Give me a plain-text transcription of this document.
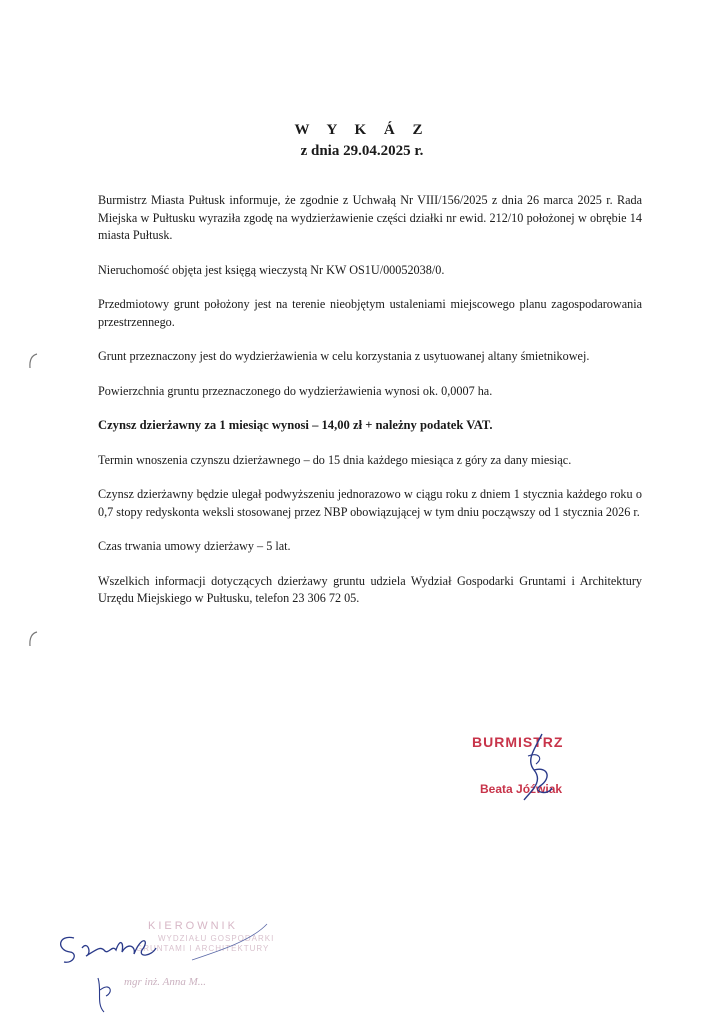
W Y K Á Z
z dnia 29.04.2025 r.

Burmistrz Miasta Pułtusk informuje, że zgodnie z Uchwałą Nr VIII/156/2025 z dnia 26 marca 2025 r. Rada Miejska w Pułtusku wyraziła zgodę na wydzierżawienie części działki nr ewid. 212/10 położonej w obrębie 14 miasta Pułtusk.

Nieruchomość objęta jest księgą wieczystą Nr KW OS1U/00052038/0.

Przedmiotowy grunt położony jest na terenie nieobjętym ustaleniami miejscowego planu zagospodarowania przestrzennego.

Grunt przeznaczony jest do wydzierżawienia w celu korzystania z usytuowanej altany śmietnikowej.

Powierzchnia gruntu przeznaczonego do wydzierżawienia wynosi ok. 0,0007 ha.

Czynsz dzierżawny za 1 miesiąc wynosi – 14,00 zł + należny podatek VAT.

Termin wnoszenia czynszu dzierżawnego – do 15 dnia każdego miesiąca z góry za dany miesiąc.

Czynsz dzierżawny będzie ulegał podwyższeniu jednorazowo w ciągu roku z dniem 1 stycznia każdego roku o 0,7 stopy redyskonta weksli stosowanej przez NBP obowiązującej w tym dniu począwszy od 1 stycznia 2026 r.

Czas trwania umowy dzierżawy – 5 lat.

Wszelkich informacji dotyczących dzierżawy gruntu udziela Wydział Gospodarki Gruntami i Architektury Urzędu Miejskiego w Pułtusku, telefon 23 306 72 05.

BURMISTRZ
Beata Jóźwiak
KIEROWNIK
WYDZIAŁU GOSPODARKI
GRUNTAMI I ARCHITEKTURY
mgr inż. Anna M...
